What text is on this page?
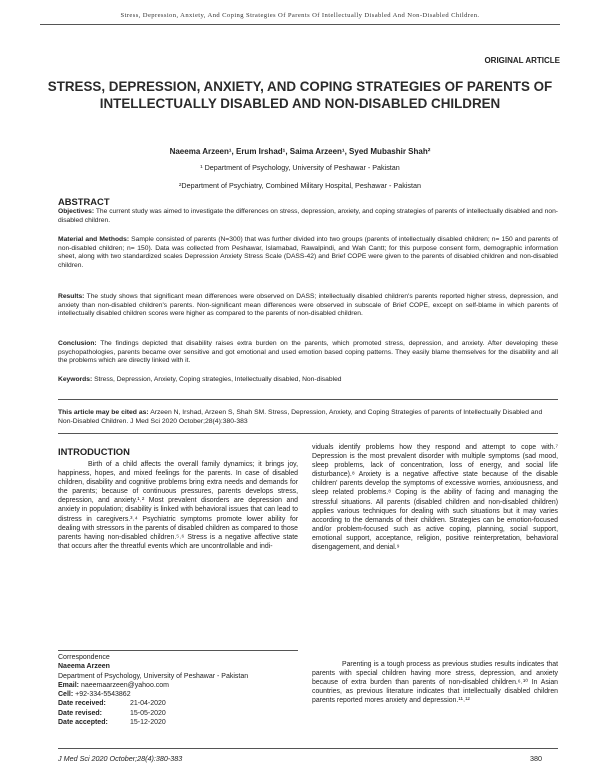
Stress, Depression, Anxiety, And Coping Strategies Of Parents Of Intellectually Disabled And Non-Disabled Children.
ORIGINAL ARTICLE
STRESS, DEPRESSION, ANXIETY, AND COPING STRATEGIES OF PARENTS OF INTELLECTUALLY DISABLED AND NON-DISABLED CHILDREN
Naeema Arzeen¹, Erum Irshad¹, Saima Arzeen¹, Syed Mubashir Shah²
¹ Department of Psychology, University of Peshawar - Pakistan
²Department of Psychiatry, Combined Military Hospital, Peshawar - Pakistan
ABSTRACT
Objectives: The current study was aimed to investigate the differences on stress, depression, anxiety, and coping strategies of parents of intellectually disabled and non-disabled children.
Material and Methods: Sample consisted of parents (N=300) that was further divided into two groups (parents of intellectually disabled children; n= 150 and parents of non-disabled children; n= 150). Data was collected from Peshawar, Islamabad, Rawalpindi, and Wah Cantt; for this purpose consent form, demographic information sheet, along with two standardized scales Depression Anxiety Stress Scale (DASS-42) and Brief COPE were given to the parents of disabled children and non-disabled children.
Results: The study shows that significant mean differences were observed on DASS; intellectually disabled children's parents reported higher stress, depression, and anxiety than non-disabled children's parents. Non-significant mean differences were observed in subscale of Brief COPE, except on self-blame in which parents of intellectually disabled children scores were higher as compared to the parents of non-disabled children.
Conclusion: The findings depicted that disability raises extra burden on the parents, which promoted stress, depression, and anxiety. After developing these psychopathologies, parents became over sensitive and got emotional and used emotion based coping patterns. They easily blame themselves for the disability and all the problems which are directly linked with it.
Keywords: Stress, Depression, Anxiety, Coping strategies, Intellectually disabled, Non-disabled
This article may be cited as: Arzeen N, Irshad, Arzeen S, Shah SM. Stress, Depression, Anxiety, and Coping Strategies of parents of Intellectually Disabled and Non-Disabled Children. J Med Sci 2020 October;28(4):380-383
INTRODUCTION
Birth of a child affects the overall family dynamics; it brings joy, happiness, hopes, and mixed feelings for the parents. In case of disabled children, disability and cognitive problems bring extra needs and demands for the parents; because of continuous pressures, parents develops stress, depression, and anxiety.¹˒² Most prevalent disorders are depression and anxiety in population; disability is linked with behavioral issues that can lead to distress in caregivers.³˒⁴ Psychiatric symptoms promote lower ability for dealing with stressors in the parents of disabled children as compared to those parents having non-disabled children.⁵˒⁶ Stress is a negative affective state that occurs after the threatful events which are uncontrollable and indi-
viduals identify problems how they respond and attempt to cope with.⁷ Depression is the most prevalent disorder with multiple symptoms (sad mood, sleep problems, lack of concentration, loss of energy, and social life disturbance).⁸ Anxiety is a negative affective state because of the disable children' parents develop the symptoms of excessive worries, anxiousness, and sleep related problems.⁸ Coping is the ability of facing and managing the stressful situations. All parents (disabled children and non-disabled children) applies various techniques for dealing with such situations but it may varies according to the demands of their children. Strategies can be emotion-focused and/or problem-focused such as active coping, planning, social support, emotional support, acceptance, religion, positive reinterpretation, behavioral disengagement, and denial.⁹
Parenting is a tough process as previous studies results indicates that parents with special children having more stress, depression, and anxiety because of extra burden than parents of non-disabled children.⁶˒¹⁰ In Asian countries, as previous literature indicates that intellectually disabled children parents reported mores anxiety and depression.¹¹˒¹²
Correspondence
Naeema Arzeen
Department of Psychology, University of Peshawar - Pakistan
Email: naeemaarzeen@yahoo.com
Cell: +92-334-5543862
Date received:	21-04-2020
Date revised:	15-05-2020
Date accepted:	15-12-2020
J Med Sci 2020 October;28(4):380-383	380
